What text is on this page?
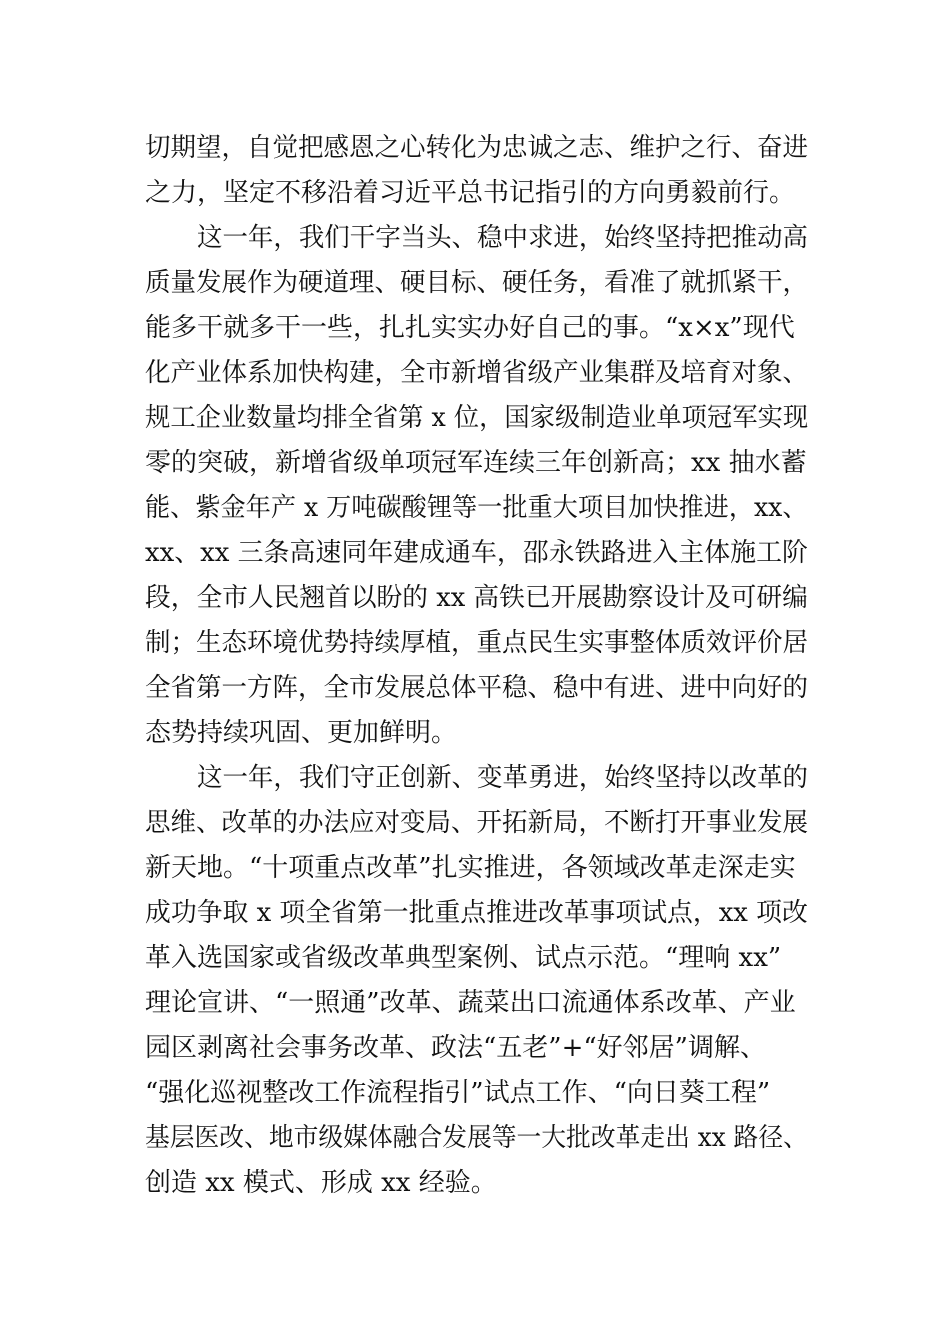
切期望，自觉把感恩之心转化为忠诚之志、维护之行、奋进
之力，坚定不移沿着习近平总书记指引的方向勇毅前行。
这一年，我们干字当头、稳中求进，始终坚持把推动高
质量发展作为硬道理、硬目标、硬任务，看准了就抓紧干，
能多干就多干一些，扎扎实实办好自己的事。“x×x”现代
化产业体系加快构建，全市新增省级产业集群及培育对象、
规工企业数量均排全省第 x 位，国家级制造业单项冠军实现
零的突破，新增省级单项冠军连续三年创新高；xx 抽水蓄
能、紫金年产 x 万吨碳酸锂等一批重大项目加快推进，xx、
xx、xx 三条高速同年建成通车，邵永铁路进入主体施工阶
段，全市人民翘首以盼的 xx 高铁已开展勘察设计及可研编
制；生态环境优势持续厚植，重点民生实事整体质效评价居
全省第一方阵，全市发展总体平稳、稳中有进、进中向好的
态势持续巩固、更加鲜明。
这一年，我们守正创新、变革勇进，始终坚持以改革的
思维、改革的办法应对变局、开拓新局，不断打开事业发展
新天地。“十项重点改革”扎实推进，各领域改革走深走实
成功争取 x 项全省第一批重点推进改革事项试点，xx 项改
革入选国家或省级改革典型案例、试点示范。“理响 xx”
理论宣讲、“一照通”改革、蔬菜出口流通体系改革、产业
园区剥离社会事务改革、政法“五老”+“好邻居”调解、
“强化巡视整改工作流程指引”试点工作、“向日葵工程”
基层医改、地市级媒体融合发展等一大批改革走出 xx 路径、
创造 xx 模式、形成 xx 经验。
